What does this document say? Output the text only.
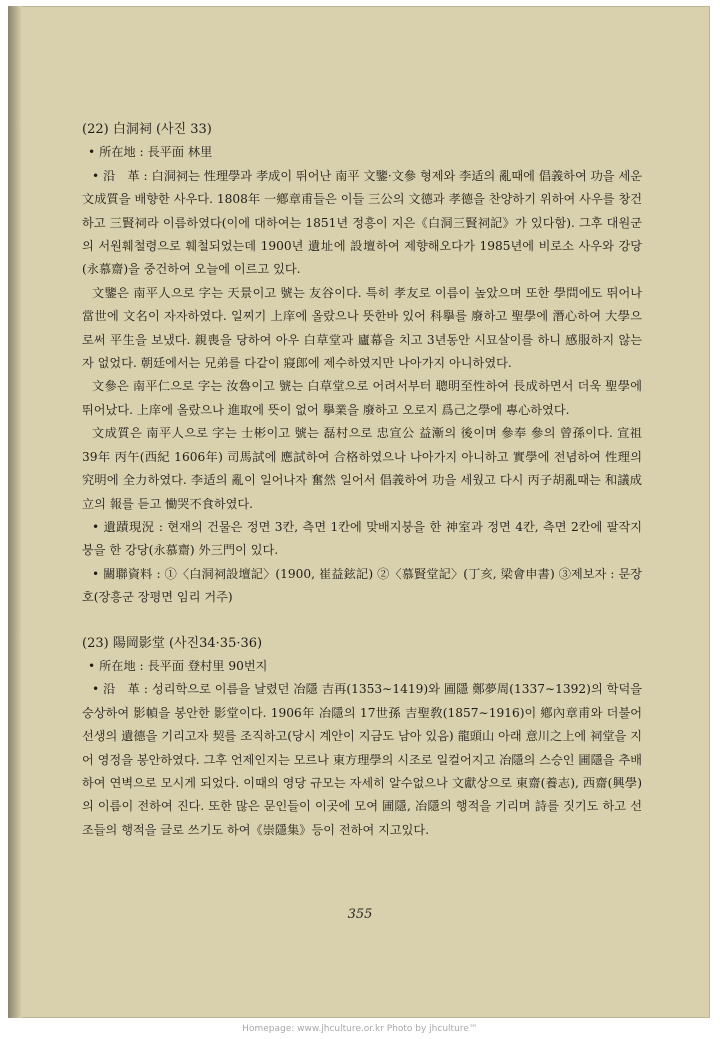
(22) 白洞祠 (사진 33)
• 所在地 : 長平面 林里
• 沿　革 : 白洞祠는 性理學과 孝成이 뛰어난 南平 文鑒·文參 형제와 李适의 亂때에 倡義하여 功을 세운 文成質을 배향한 사우다. 1808年 一鄕章甫들은 이들 三公의 文德과 孝德을 찬양하기 위하여 사우를 창건하고 三賢祠라 이름하였다(이에 대하여는 1851년 정흥이 지은《白洞三賢祠記》가 있다함). 그후 대원군의 서원훼철령으로 훼철되었는데 1900년 遺址에 設壇하여 제향해오다가 1985년에 비로소 사우와 강당(永慕齋)을 중건하여 오늘에 이르고 있다.
文鑒은 南平人으로 字는 天景이고 號는 友谷이다. 특히 孝友로 이름이 높았으며 또한 學問에도 뛰어나 當世에 文名이 자자하였다. 일찌기 上庠에 올랐으나 뜻한바 있어 科擧를 廢하고 聖學에 潛心하여 大學으로써 平生을 보냈다. 親喪을 당하여 아우 白草堂과 廬幕을 치고 3년동안 시묘살이를 하니 感服하지 않는자 없었다. 朝廷에서는 兄弟를 다같이 寢郎에 제수하였지만 나아가지 아니하였다.
文參은 南平仁으로 字는 汝魯이고 號는 白草堂으로 어려서부터 聰明至性하여 長成하면서 더욱 聖學에 뛰어났다. 上庠에 올랐으나 進取에 뜻이 없어 擧業을 廢하고 오로지 爲己之學에 專心하였다.
文成質은 南平人으로 字는 士彬이고 號는 磊村으로 忠宣公 益漸의 後이며 參奉 參의 曾孫이다. 宣祖 39年 丙午(西紀 1606年) 司馬試에 應試하여 合格하였으나 나아가지 아니하고 實學에 전념하여 性理의 究明에 全力하였다. 李适의 亂이 일어나자 奮然 일어서 倡義하여 功을 세웠고 다시 丙子胡亂때는 和議成立의 報를 듣고 慟哭不食하였다.
• 遺蹟現況 : 현재의 건물은 정면 3칸, 측면 1칸에 맞배지붕을 한 神室과 정면 4칸, 측면 2칸에 팔작지붕을 한 강당(永慕齋) 外三門이 있다.
• 關聯資料 : ①〈白洞祠設壇記〉(1900, 崔益鉉記) ②〈慕賢堂記〉(丁亥, 梁會申書) ③제보자 : 문장호(장흥군 장평면 임리 거주)
(23) 陽岡影堂 (사진34·35·36)
• 所在地 : 長平面 登村里 90번지
• 沿　革 : 성리학으로 이름을 날렸던 冶隱 吉再(1353∼1419)와 圃隱 鄭夢周(1337∼1392)의 학덕을 숭상하여 影幀을 봉안한 影堂이다. 1906年 冶隱의 17世孫 吉聖敎(1857∼1916)이 鄕內章甫와 더불어 선생의 遺德을 기리고자 契를 조직하고(당시 계안이 지금도 남아 있음) 龍頭山 아래 意川之上에 祠堂을 지어 영정을 봉안하였다. 그후 언제인지는 모르나 東方理學의 시조로 일컬어지고 冶隱의 스승인 圃隱을 추배하여 연벽으로 모시게 되었다. 이때의 영당 규모는 자세히 알수없으나 文獻상으로 東齋(養志), 西齋(興學)의 이름이 전하여 진다. 또한 많은 문인들이 이곳에 모여 圃隱, 冶隱의 행적을 기리며 詩를 짓기도 하고 선조들의 행적을 글로 쓰기도 하여《崇隱集》등이 전하여 지고있다.
355
Homepage: www.jhculture.or.kr Photo by jhculture™
